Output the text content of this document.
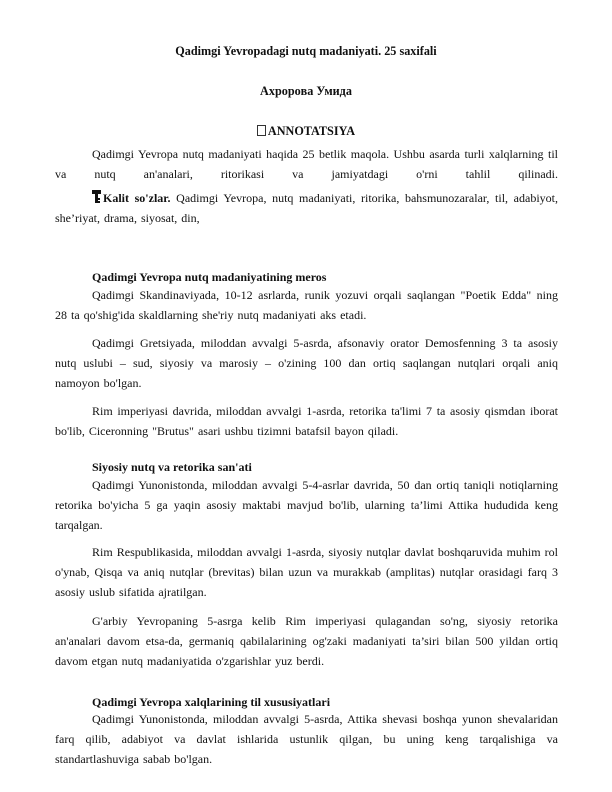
Qadimgi Yevropadagi nutq madaniyati. 25 saxifali
Axpopoвa Умида
ANNOTATSIYA

Qadimgi Yevropa nutq madaniyati haqida 25 betlik maqola. Ushbu asarda turli xalqlarning til va nutq an'analari, ritorikasi va jamiyatdagi o'rni tahlil qilinadi.

Kalit so'zlar. Qadimgi Yevropa, nutq madaniyati, ritorika, bahsmunozaralar, til, adabiyot, she’riyat, drama, siyosat, din,

Qadimgi Yevropa nutq madaniyatining meros

Qadimgi Skandinaviyada, 10-12 asrlarda, runik yozuvi orqali saqlangan "Poetik Edda" ning 28 ta qo'shig'ida skaldlarning she'riy nutq madaniyati aks etadi.

Qadimgi Gretsiyada, miloddan avvalgi 5-asrda, afsonaviy orator Demosfenning 3 ta asosiy nutq uslubi – sud, siyosiy va marosiy – o'zining 100 dan ortiq saqlangan nutqlari orqali aniq namoyon bo'lgan.

Rim imperiyasi davrida, miloddan avvalgi 1-asrda, retorika ta'limi 7 ta asosiy qismdan iborat bo'lib, Ciceronning "Brutus" asari ushbu tizimni batafsil bayon qiladi.

Siyosiy nutq va retorika san'ati

Qadimgi Yunonistonda, miloddan avvalgi 5-4-asrlar davrida, 50 dan ortiq taniqli notiqlarning retorika bo'yicha 5 ga yaqin asosiy maktabi mavjud bo'lib, ularning ta’limi Attika hududida keng tarqalgan.

Rim Respublikasida, miloddan avvalgi 1-asrda, siyosiy nutqlar davlat boshqaruvida muhim rol o'ynab, Qisqa va aniq nutqlar (brevitas) bilan uzun va murakkab (amplitas) nutqlar orasidagi farq 3 asosiy uslub sifatida ajratilgan.

G'arbiy Yevropaning 5-asrga kelib Rim imperiyasi qulagandan so'ng, siyosiy retorika an'analari davom etsa-da, germaniq qabilalarining og'zaki madaniyati ta’siri bilan 500 yildan ortiq davom etgan nutq madaniyatida o'zgarishlar yuz berdi.

Qadimgi Yevropa xalqlarining til xususiyatlari

Qadimgi Yunonistonda, miloddan avvalgi 5-asrda, Attika shevasi boshqa yunon shevalaridan farq qilib, adabiyot va davlat ishlarida ustunlik qilgan, bu uning keng tarqalishiga va standartlashuviga sabab bo'lgan.
